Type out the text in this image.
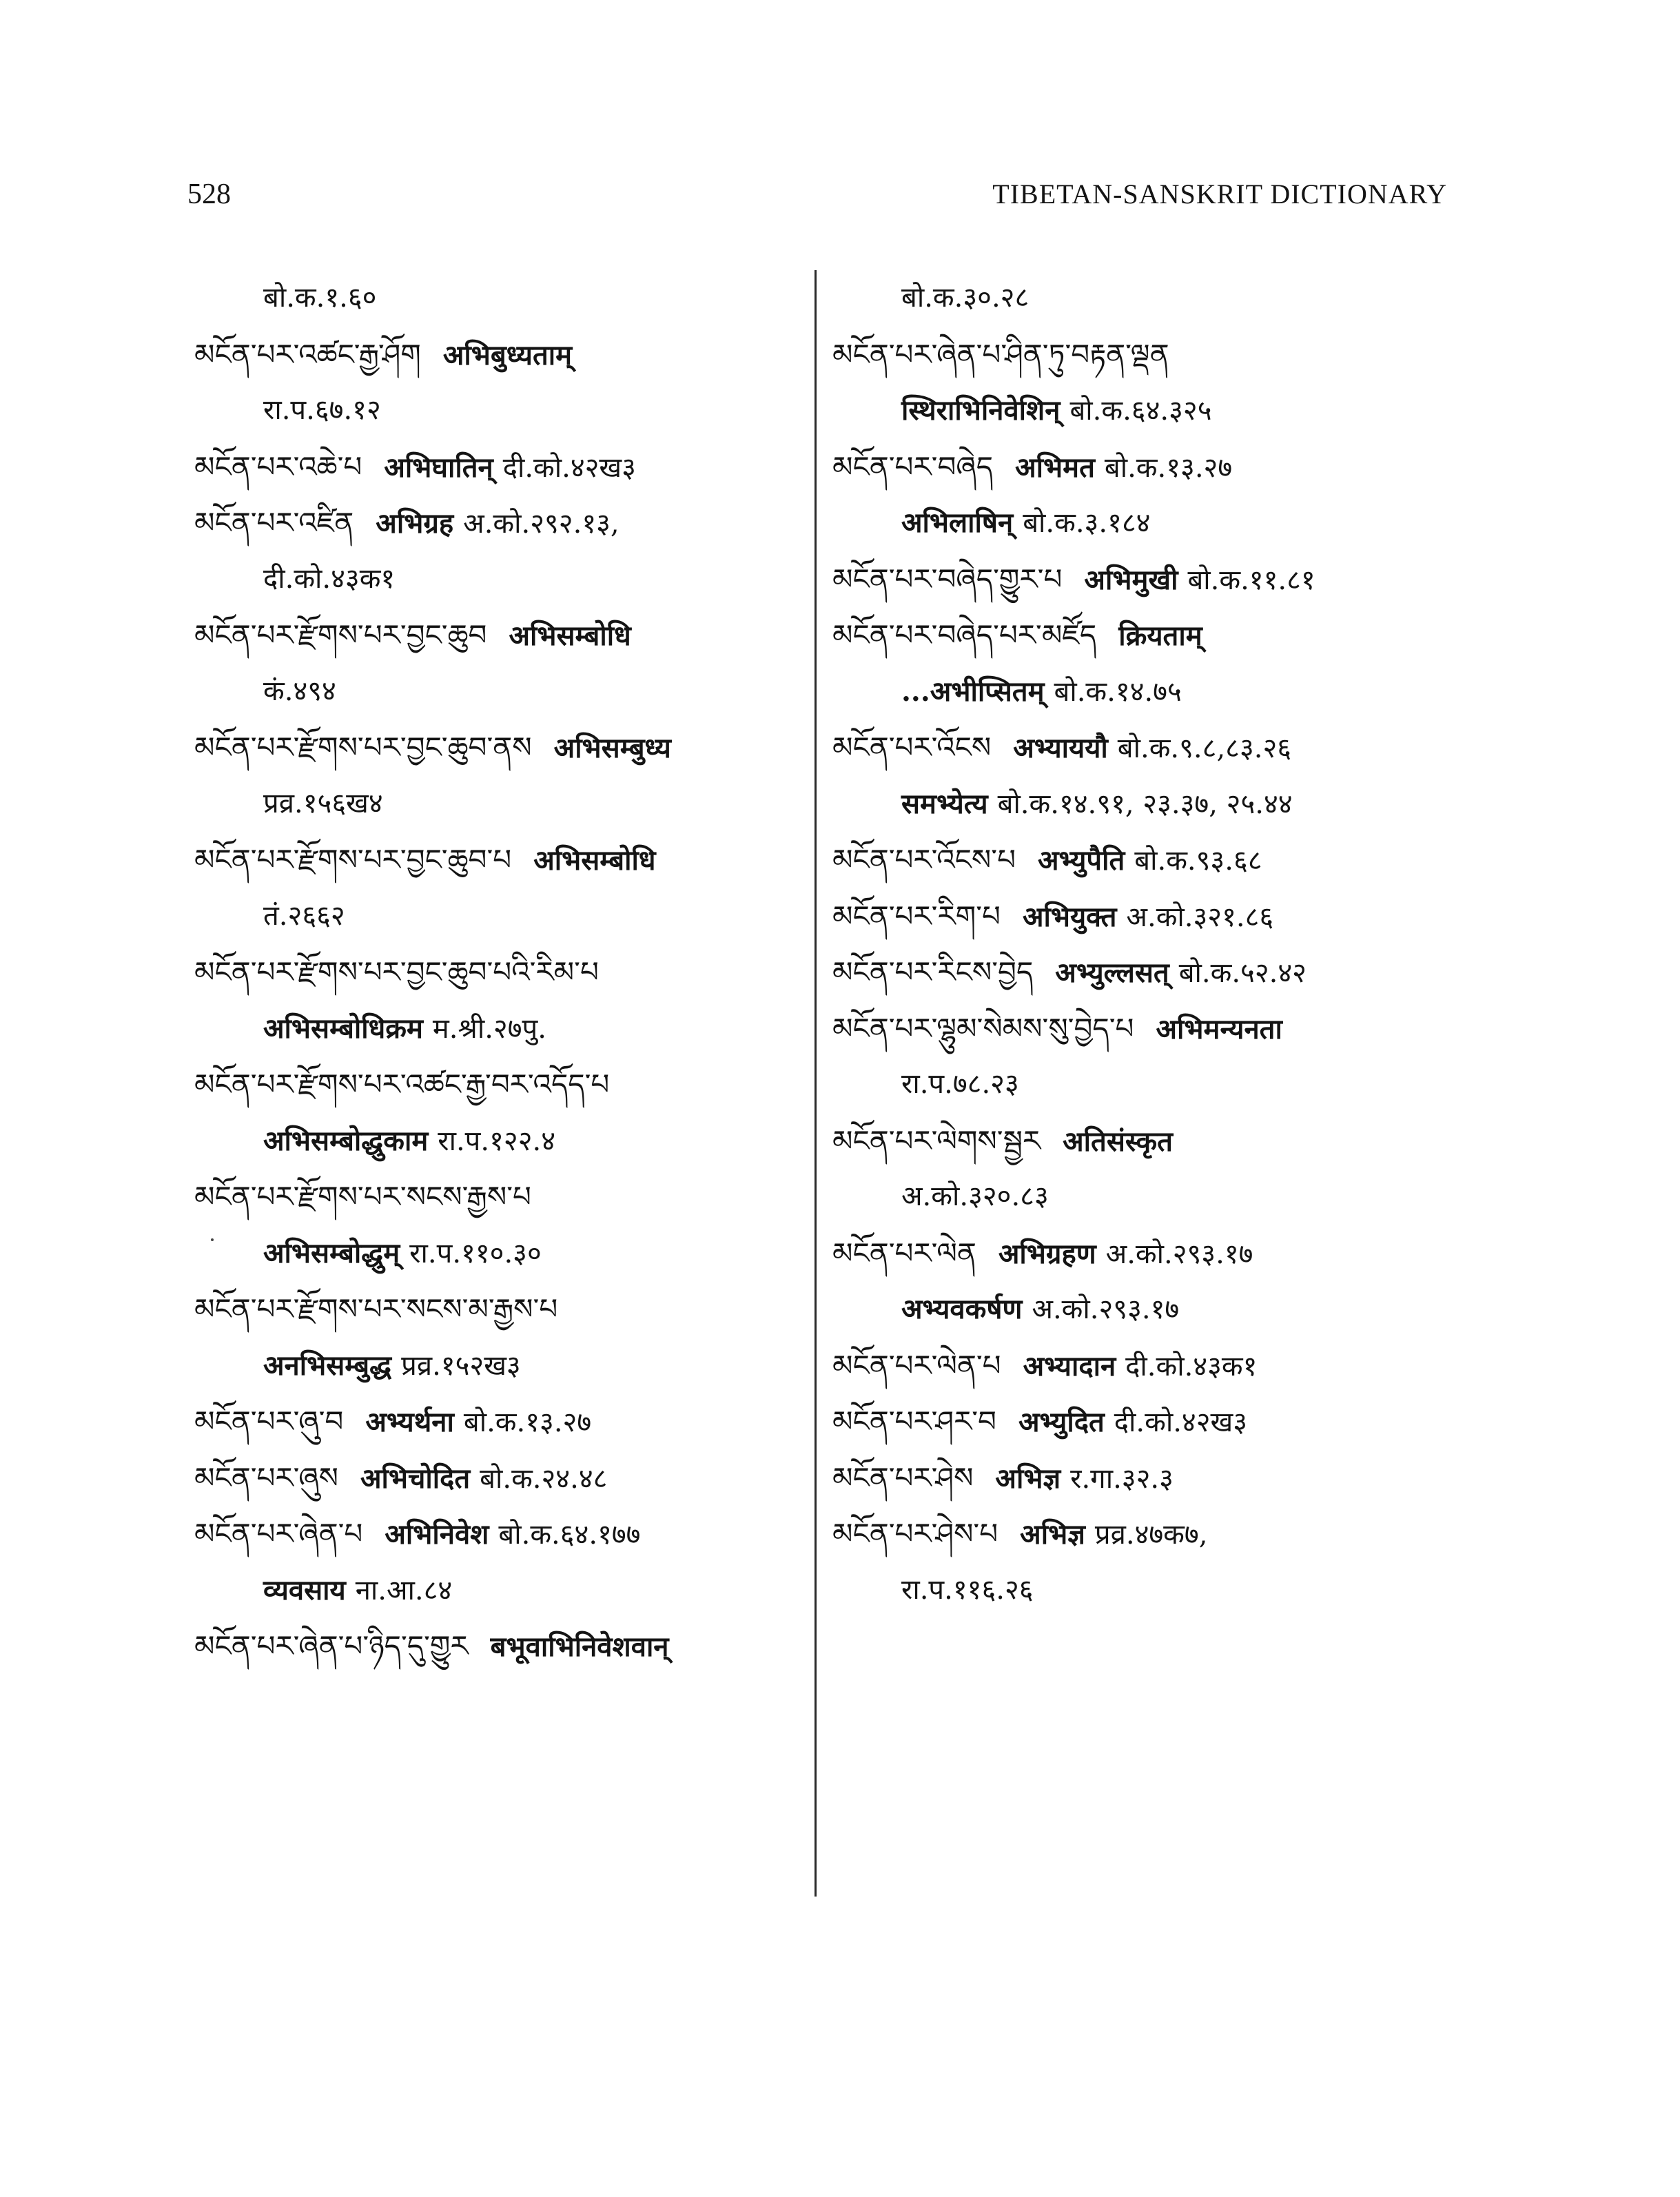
528	TIBETAN-SANSKRIT DICTIONARY
बो.क.१.६०
མངོན་པར་འཚང་རྒྱ་ཤོག अभिबुध्यताम्
रा.प.६७.१२
མངོན་པར་འཆེ་པ अभिघातिन् दी.को.४२ख३
མངོན་པར་འཛིན अभिग्रह अ.को.२९२.१३,
दी.को.४३क१
མངོན་པར་རྫོགས་པར་བྱང་ཆུབ अभिसम्बोधि
कं.४९४
མངོན་པར་རྫོགས་པར་བྱང་ཆུབ་ནས अभिसम्बुध्य
प्रव्र.१५६ख४
མངོན་པར་རྫོགས་པར་བྱང་ཆུབ་པ अभिसम्बोधि
तं.२६६२
མངོན་པར་རྫོགས་པར་བྱང་ཆུབ་པའི་རིམ་པ
अभिसम्बोधिक्रम म.श्री.२७पु.
མངོན་པར་རྫོགས་པར་འཚང་རྒྱ་བར་འདོད་པ
अभिसम्बोद्धुकाम रा.प.१२२.४
མངོན་པར་རྫོགས་པར་སངས་རྒྱས་པ
अभिसम्बोद्धुम् रा.प.११०.३०
མངོན་པར་རྫོགས་པར་སངས་མ་རྒྱས་པ
अनभिसम्बुद्ध प्रव्र.१५२ख३
མངོན་པར་ཞུ་བ अभ्यर्थना बो.क.१३.२७
མངོན་པར་ཞུས अभिचोदित बो.क.२४.४८
མངོན་པར་ཞེན་པ अभिनिवेश बो.क.६४.१७७
व्यवसाय ना.आ.८४
མངོན་པར་ཞེན་པ་ཉིད་དུ་གྱུར बभूवाभिनिवेशवान्
बो.क.३०.२८
མངོན་པར་ཞེན་པ་ཤིན་ཏུ་བརྟན་ལྡན
स्थिराभिनिवेशिन् बो.क.६४.३२५
མངོན་པར་བཞེད अभिमत बो.क.१३.२७
अभिलाषिन् बो.क.३.१८४
མངོན་པར་བཞེད་གྱུར་པ अभिमुखी बो.क.११.८१
མངོན་པར་བཞེད་པར་མཛོད क्रियताम्
...अभीप्सितम् बो.क.१४.७५
མངོན་པར་འོངས अभ्याययौ बो.क.९.८,८३.२६
समभ्येत्य बो.क.१४.९१, २३.३७, २५.४४
མངོན་པར་འོངས་པ अभ्युपैति बो.क.९३.६८
མངོན་པར་རིག་པ अभियुक्त अ.को.३२१.८६
མངོན་པར་རིངས་བྱེད अभ्युल्लसत् बो.क.५२.४२
མངོན་པར་ལྷུམ་སེམས་སུ་བྱེད་པ अभिमन्यनता
रा.प.७८.२३
མངོན་པར་ལེགས་སྦྱར अतिसंस्कृत
अ.को.३२०.८३
མངོན་པར་ལེན अभिग्रहण अ.को.२९३.१७
अभ्यवकर्षण अ.को.२९३.१७
མངོན་པར་ལེན་པ अभ्यादान दी.को.४३क१
མངོན་པར་ཤར་བ अभ्युदित दी.को.४२ख३
མངོན་པར་ཤེས अभिज्ञ र.गा.३२.३
མངོན་པར་ཤེས་པ अभिज्ञ प्रव्र.४७क७,
रा.प.११६.२६
